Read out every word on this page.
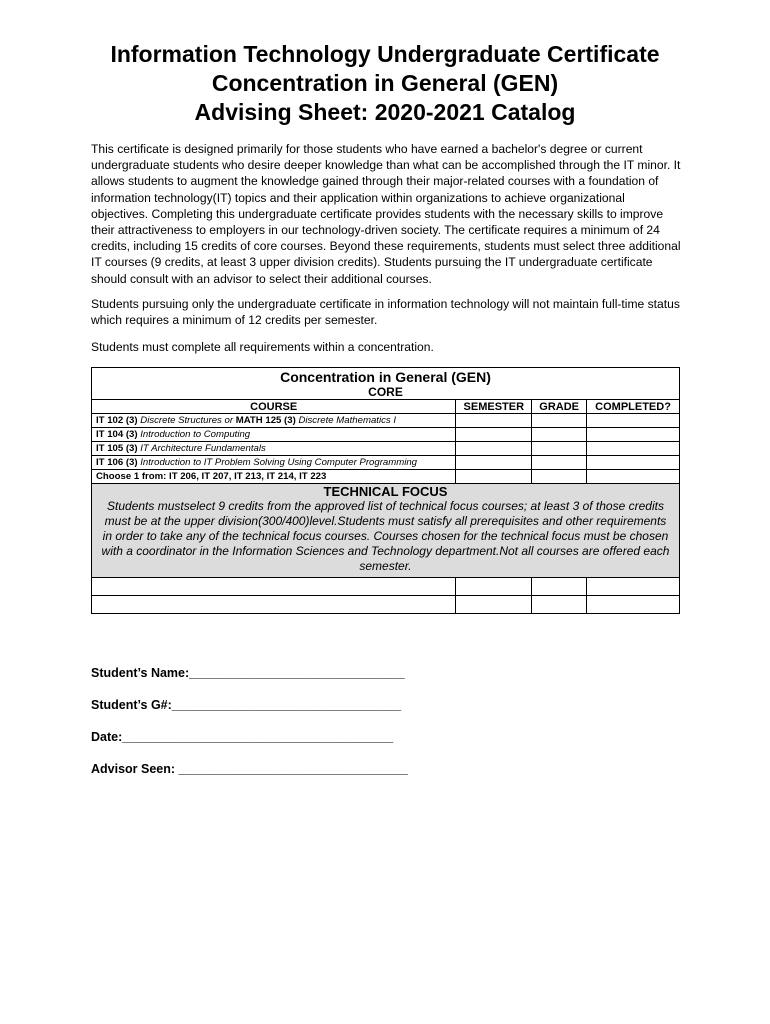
Information Technology Undergraduate Certificate
Concentration in General (GEN)
Advising Sheet: 2020-2021 Catalog

This certificate is designed primarily for those students who have earned a bachelor's degree or current undergraduate students who desire deeper knowledge than what can be accomplished through the IT minor. It allows students to augment the knowledge gained through their major-related courses with a foundation of information technology(IT) topics and their application within organizations to achieve organizational objectives. Completing this undergraduate certificate provides students with the necessary skills to improve their attractiveness to employers in our technology-driven society. The certificate requires a minimum of 24 credits, including 15 credits of core courses. Beyond these requirements, students must select three additional IT courses (9 credits, at least 3 upper division credits). Students pursuing the IT undergraduate certificate should consult with an advisor to select their additional courses.

Students pursuing only the undergraduate certificate in information technology will not maintain full-time status which requires a minimum of 12 credits per semester.

Students must complete all requirements within a concentration.

Concentration in General (GEN)			
CORE			
COURSE	SEMESTER	GRADE	COMPLETED?
IT 102 (3) Discrete Structures or MATH 125 (3) Discrete Mathematics I			
IT 104 (3) Introduction to Computing			
IT 105 (3) IT Architecture Fundamentals			
IT 106 (3) Introduction to IT Problem Solving Using Computer Programming			
Choose 1 from: IT 206, IT 207, IT 213, IT 214, IT 223			

TECHNICAL FOCUS
Students mustselect 9 credits from the approved list of technical focus courses; at least 3 of those credits must be at the upper division(300/400)level.Students must satisfy all prerequisites and other requirements in order to take any of the technical focus courses. Courses chosen for the technical focus must be chosen with a coordinator in the Information Sciences and Technology department.Not all courses are offered each semester.			

Student’s Name:_______________________________
Student’s G#:_________________________________
Date:_______________________________________
Advisor Seen: _________________________________
